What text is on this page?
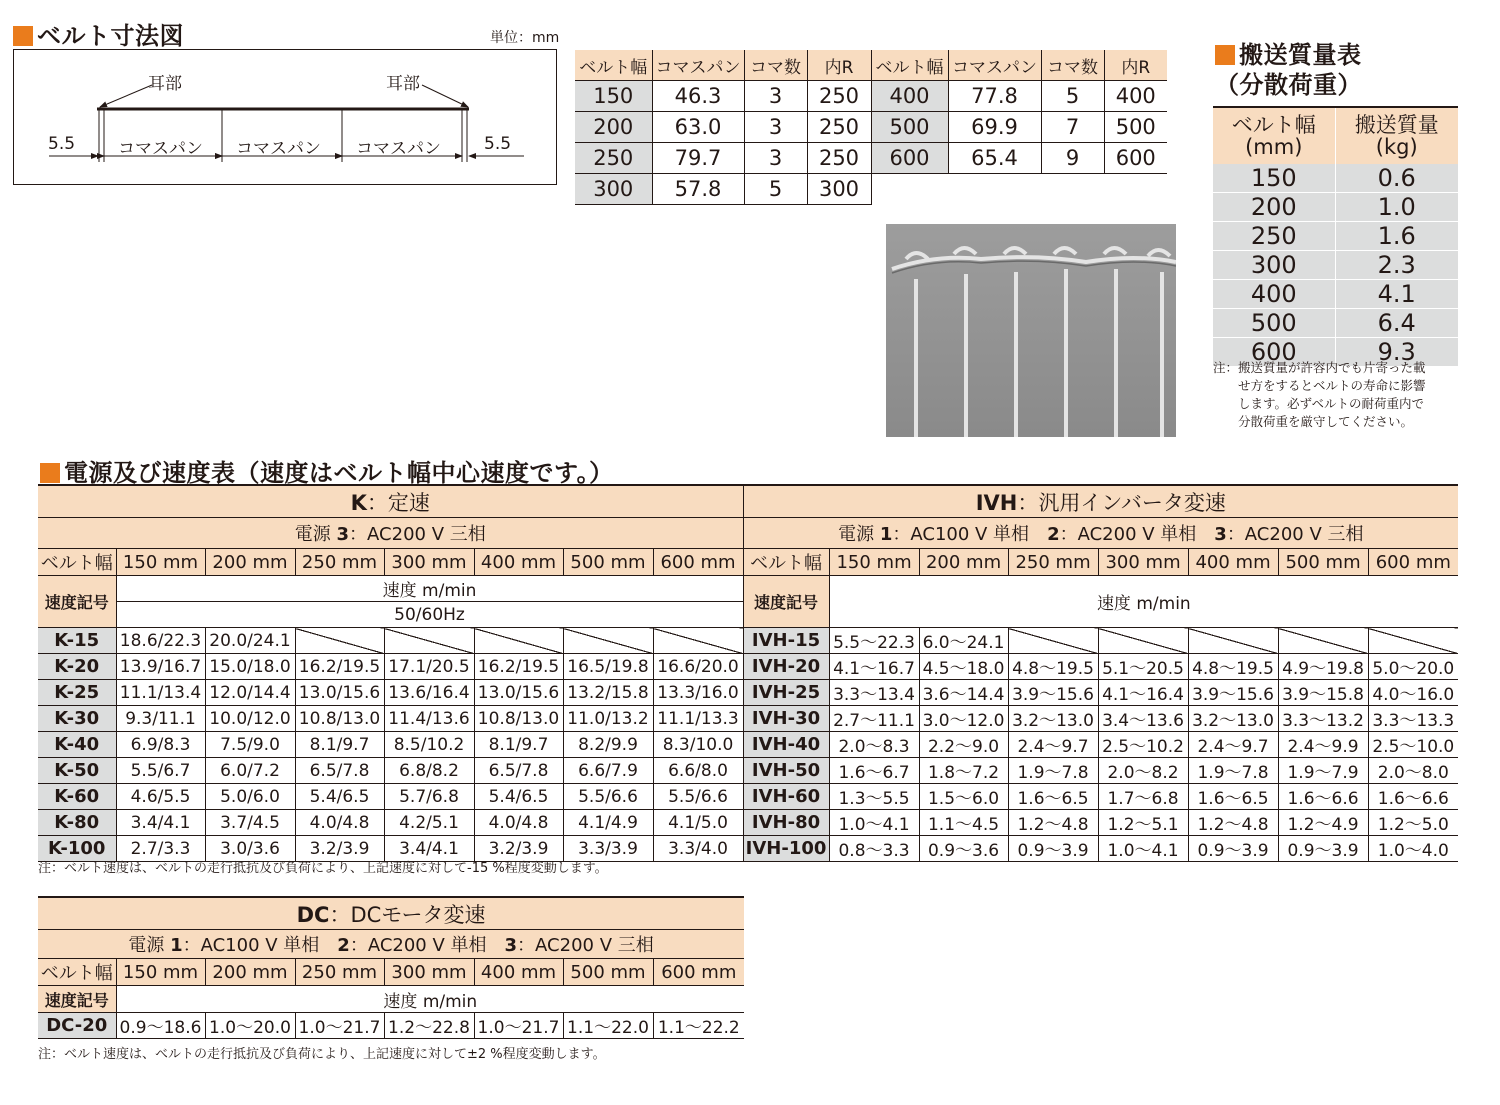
ベルト寸法図	単位：mm
耳部	耳部
5.5	コマスパン コマスパン コマスパン	5.5
ベルト幅	コマスパン	コマ数	内R	ベルト幅	コマスパン	コマ数	内R
150	46.3	3	250	400	77.8	5	400
200	63.0	3	250	500	69.9	7	500
250	79.7	3	250	600	65.4	9	600
300	57.8	5	300				
搬送質量表
（分散荷重）
ベルト幅
(mm)	搬送質量
(kg)
150	0.6
200	1.0
250	1.6
300	2.3
400	4.1
500	6.4
600	9.3
注：搬送質量が許容内でも片寄った載
　　せ方をするとベルトの寿命に影響
　　します。必ずベルトの耐荷重内で
　　分散荷重を厳守してください。
電源及び速度表（速度はベルト幅中心速度です。）
K：定速								IVH：汎用インバータ変速							
電源 3：AC200 V 三相								電源 1：AC100 V 単相　2：AC200 V 単相　3：AC200 V 三相							
ベルト幅	150 mm	200 mm	250 mm	300 mm	400 mm	500 mm	600 mm	ベルト幅	150 mm	200 mm	250 mm	300 mm	400 mm	500 mm	600 mm
速度記号	速度 m/min							速度記号	速度 m/min						
	50/60Hz														
K-15	18.6/22.3	20.0/24.1						IVH-15	5.5～22.3	6.0～24.1					
K-20	13.9/16.7	15.0/18.0	16.2/19.5	17.1/20.5	16.2/19.5	16.5/19.8	16.6/20.0	IVH-20	4.1～16.7	4.5～18.0	4.8～19.5	5.1～20.5	4.8～19.5	4.9～19.8	5.0～20.0
K-25	11.1/13.4	12.0/14.4	13.0/15.6	13.6/16.4	13.0/15.6	13.2/15.8	13.3/16.0	IVH-25	3.3～13.4	3.6～14.4	3.9～15.6	4.1～16.4	3.9～15.6	3.9～15.8	4.0～16.0
K-30	9.3/11.1	10.0/12.0	10.8/13.0	11.4/13.6	10.8/13.0	11.0/13.2	11.1/13.3	IVH-30	2.7～11.1	3.0～12.0	3.2～13.0	3.4～13.6	3.2～13.0	3.3～13.2	3.3～13.3
K-40	6.9/8.3	7.5/9.0	8.1/9.7	8.5/10.2	8.1/9.7	8.2/9.9	8.3/10.0	IVH-40	2.0～8.3	2.2～9.0	2.4～9.7	2.5～10.2	2.4～9.7	2.4～9.9	2.5～10.0
K-50	5.5/6.7	6.0/7.2	6.5/7.8	6.8/8.2	6.5/7.8	6.6/7.9	6.6/8.0	IVH-50	1.6～6.7	1.8～7.2	1.9～7.8	2.0～8.2	1.9～7.8	1.9～7.9	2.0～8.0
K-60	4.6/5.5	5.0/6.0	5.4/6.5	5.7/6.8	5.4/6.5	5.5/6.6	5.5/6.6	IVH-60	1.3～5.5	1.5～6.0	1.6～6.5	1.7～6.8	1.6～6.5	1.6～6.6	1.6～6.6
K-80	3.4/4.1	3.7/4.5	4.0/4.8	4.2/5.1	4.0/4.8	4.1/4.9	4.1/5.0	IVH-80	1.0～4.1	1.1～4.5	1.2～4.8	1.2～5.1	1.2～4.8	1.2～4.9	1.2～5.0
K-100	2.7/3.3	3.0/3.6	3.2/3.9	3.4/4.1	3.2/3.9	3.3/3.9	3.3/4.0	IVH-100	0.8～3.3	0.9～3.6	0.9～3.9	1.0～4.1	0.9～3.9	0.9～3.9	1.0～4.0
注：ベルト速度は、ベルトの走行抵抗及び負荷により、上記速度に対して-15 %程度変動します。
DC：DCモータ変速							
電源 1：AC100 V 単相　2：AC200 V 単相　3：AC200 V 三相							
ベルト幅	150 mm	200 mm	250 mm	300 mm	400 mm	500 mm	600 mm
速度記号	速度 m/min						
DC-20	0.9～18.6	1.0～20.0	1.0～21.7	1.2～22.8	1.0～21.7	1.1～22.0	1.1～22.2
注：ベルト速度は、ベルトの走行抵抗及び負荷により、上記速度に対して±2 %程度変動します。
